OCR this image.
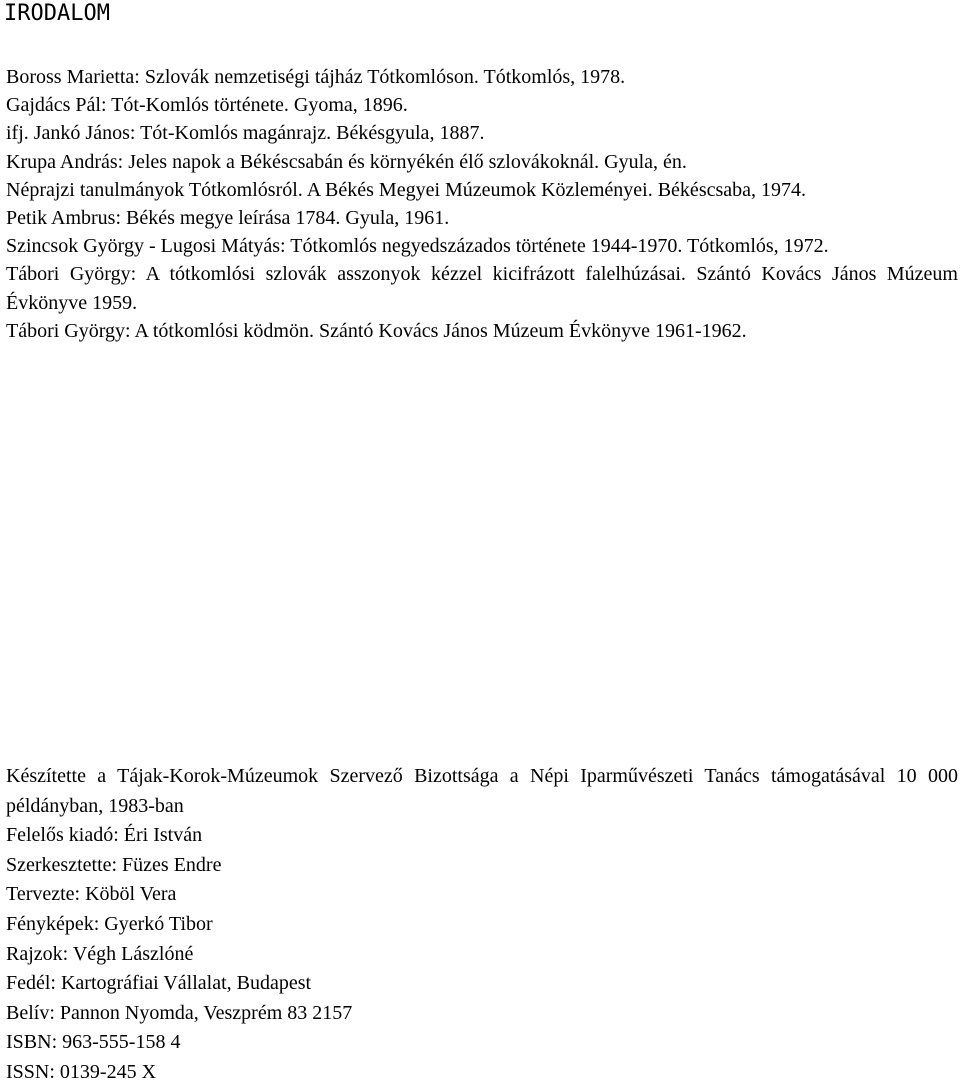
IRODALOM
Boross Marietta: Szlovák nemzetiségi tájház Tótkomlóson. Tótkomlós, 1978.
Gajdács Pál: Tót-Komlós története. Gyoma, 1896.
ifj. Jankó János: Tót-Komlós magánrajz. Békésgyula, 1887.
Krupa András: Jeles napok a Békéscsabán és környékén élő szlovákoknál. Gyula, én.
Néprajzi tanulmányok Tótkomlósról. A Békés Megyei Múzeumok Közleményei. Békéscsaba, 1974.
Petik Ambrus: Békés megye leírása 1784. Gyula, 1961.
Szincsok György - Lugosi Mátyás: Tótkomlós negyedszázados története 1944-1970. Tótkomlós, 1972.
Tábori György: A tótkomlósi szlovák asszonyok kézzel kicifrázott falelhúzásai. Szántó Kovács János Múzeum Évkönyve 1959.
Tábori György: A tótkomlósi ködmön. Szántó Kovács János Múzeum Évkönyve 1961-1962.
Készítette a Tájak-Korok-Múzeumok Szervező Bizottsága a Népi Iparművészeti Tanács támogatásával 10 000 példányban, 1983-ban
Felelős kiadó: Éri István
Szerkesztette: Füzes Endre
Tervezte: Köböl Vera
Fényképek: Gyerkó Tibor
Rajzok: Végh Lászlóné
Fedél: Kartográfiai Vállalat, Budapest
Belív: Pannon Nyomda, Veszprém 83 2157
ISBN: 963-555-158 4
ISSN: 0139-245 X
